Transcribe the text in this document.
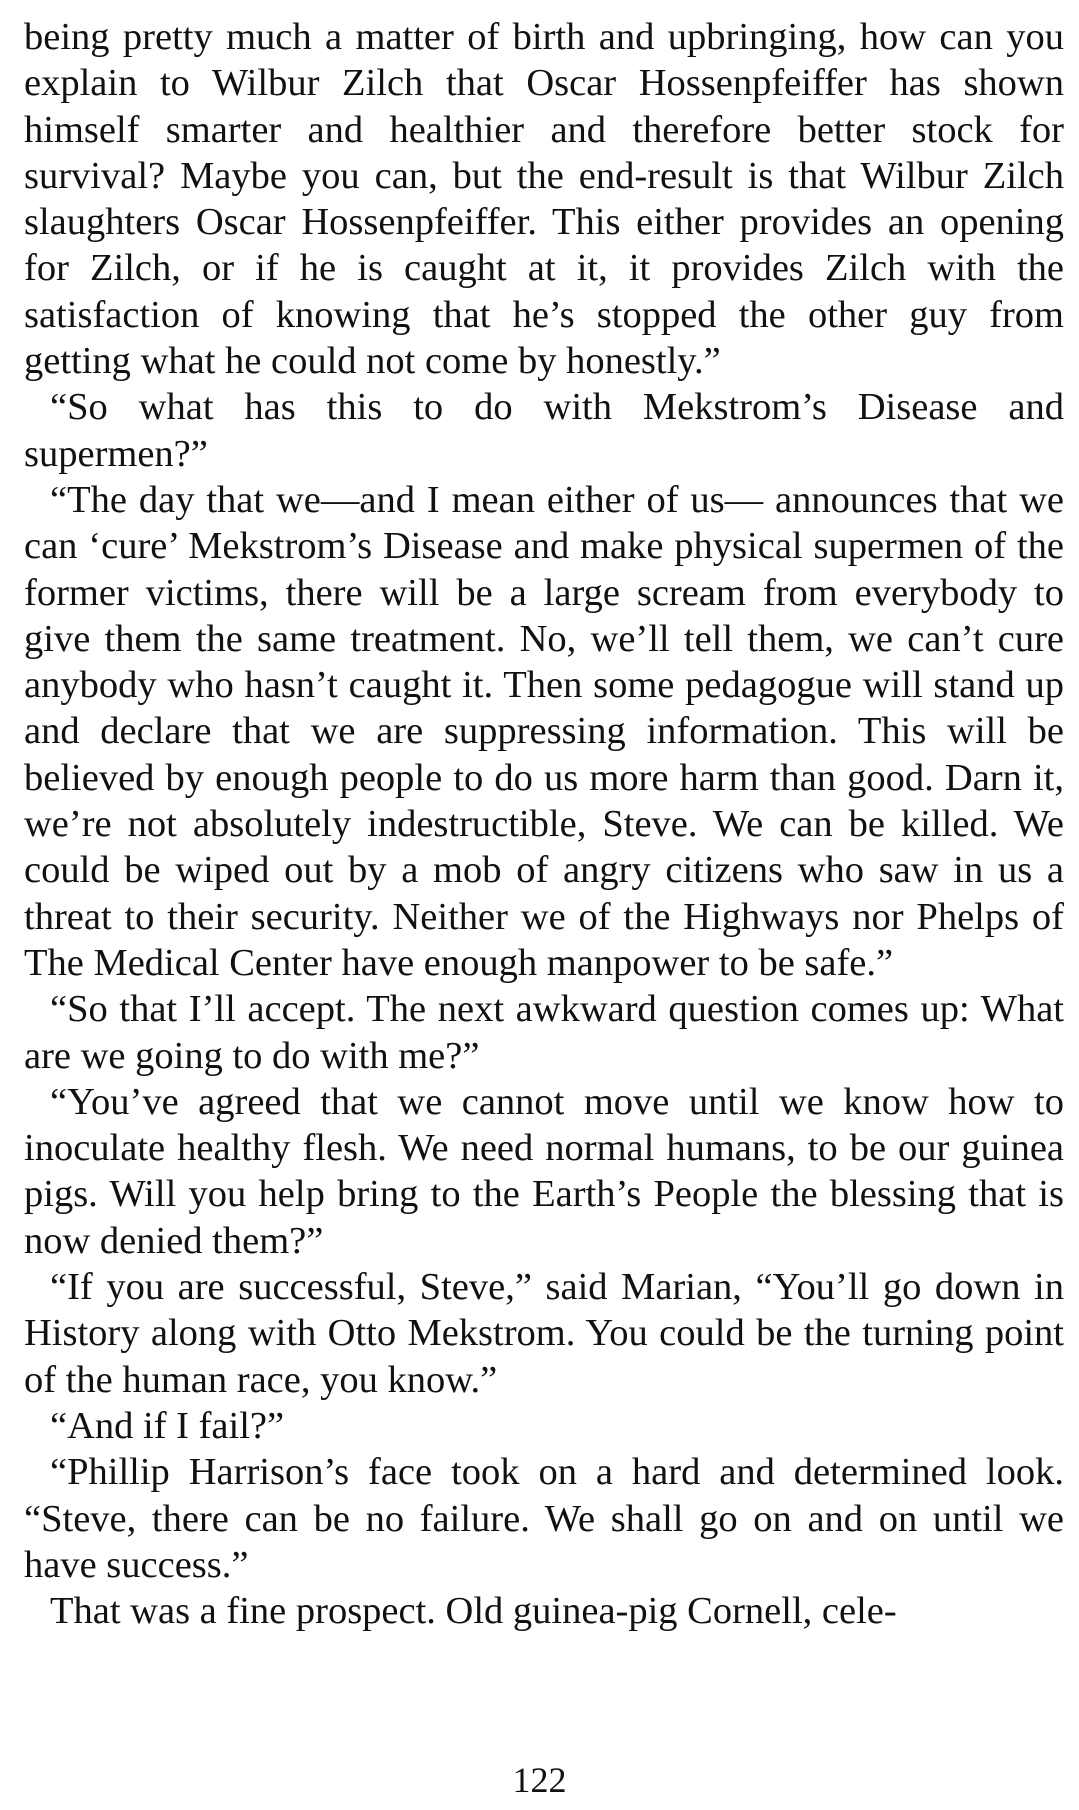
being pretty much a matter of birth and upbringing, how can you explain to Wilbur Zilch that Oscar Hossenpfeiffer has shown himself smarter and healthier and therefore better stock for survival? Maybe you can, but the end-result is that Wilbur Zilch slaughters Oscar Hossenpfeiffer. This either provides an opening for Zilch, or if he is caught at it, it provides Zilch with the satisfaction of knowing that he’s stopped the other guy from getting what he could not come by honestly.”

“So what has this to do with Mekstrom’s Disease and supermen?”

“The day that we—and I mean either of us— announces that we can ‘cure’ Mekstrom’s Disease and make physical supermen of the former victims, there will be a large scream from everybody to give them the same treatment. No, we’ll tell them, we can’t cure anybody who hasn’t caught it. Then some pedagogue will stand up and declare that we are suppressing information. This will be believed by enough people to do us more harm than good. Darn it, we’re not absolutely indestructible, Steve. We can be killed. We could be wiped out by a mob of angry citizens who saw in us a threat to their security. Neither we of the Highways nor Phelps of The Medical Center have enough manpower to be safe.”

“So that I’ll accept. The next awkward question comes up: What are we going to do with me?”

“You’ve agreed that we cannot move until we know how to inoculate healthy flesh. We need normal humans, to be our guinea pigs. Will you help bring to the Earth’s People the blessing that is now denied them?”

“If you are successful, Steve,” said Marian, “You’ll go down in History along with Otto Mekstrom. You could be the turning point of the human race, you know.”

“And if I fail?”

“Phillip Harrison’s face took on a hard and determined look. “Steve, there can be no failure. We shall go on and on until we have success.”

That was a fine prospect. Old guinea-pig Cornell, cele-

122
